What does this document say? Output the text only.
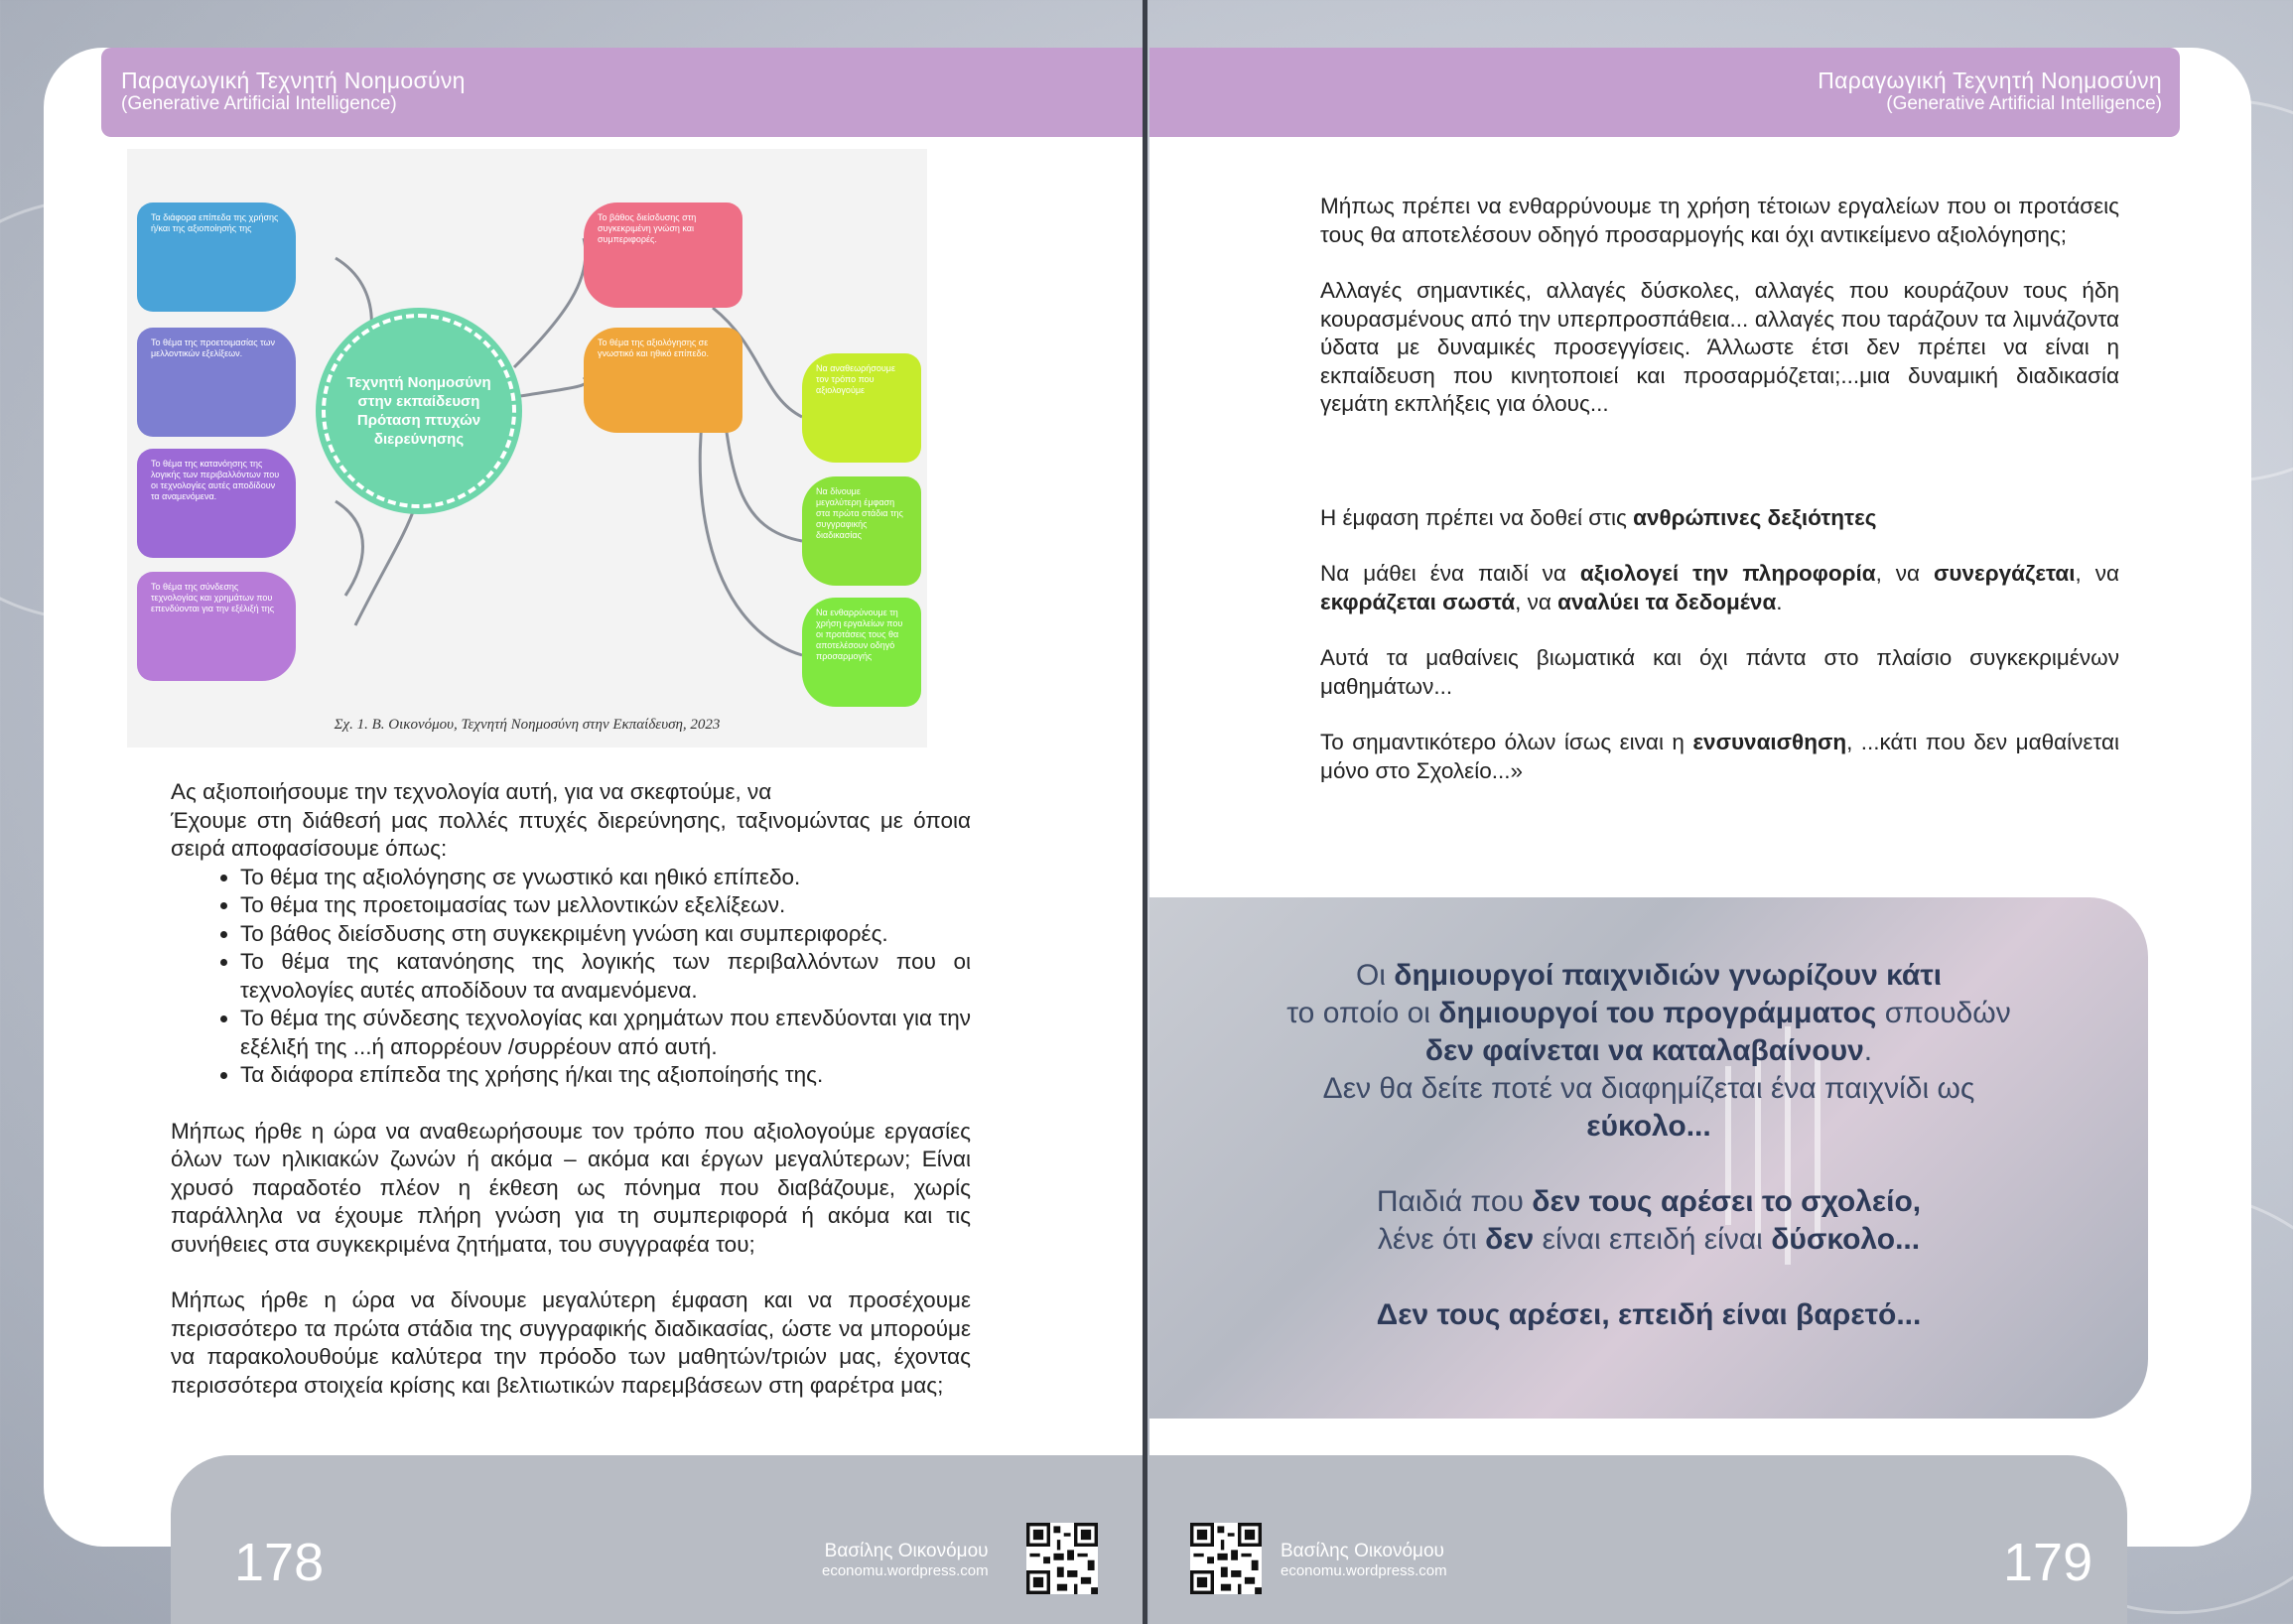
Παραγωγική Τεχνητή Νοημοσύνη
(Generative Artificial Intelligence)
Τα διάφορα επίπεδα της χρήσης ή/και της αξιοποίησής της
Το θέμα της προετοιμασίας των μελλοντικών εξελίξεων.
Το θέμα της κατανόησης της λογικής των περιβαλλόντων που οι τεχνολογίες αυτές αποδίδουν τα αναμενόμενα.
Το θέμα της σύνδεσης τεχνολογίας και χρημάτων που επενδύονται για την εξέλιξή της
Τεχνητή Νοημοσύνη στην εκπαίδευση Πρόταση πτυχών διερεύνησης
Το βάθος διείσδυσης στη συγκεκριμένη γνώση και συμπεριφορές.
Το θέμα της αξιολόγησης σε γνωστικό και ηθικό επίπεδο.
Να αναθεωρήσουμε τον τρόπο που αξιολογούμε
Να δίνουμε μεγαλύτερη έμφαση στα πρώτα στάδια της συγγραφικής διαδικασίας
Να ενθαρρύνουμε τη χρήση εργαλείων που οι προτάσεις τους θα αποτελέσουν οδηγό προσαρμογής
Σχ. 1. Β. Οικονόμου, Τεχνητή Νοημοσύνη στην Εκπαίδευση, 2023
Ας αξιοποιήσουμε την τεχνολογία αυτή, για να σκεφτούμε, να
Έχουμε στη διάθεσή μας πολλές πτυχές διερεύνησης, ταξινομώντας με όποια σειρά αποφασίσουμε όπως:
• Το θέμα της αξιολόγησης σε γνωστικό και ηθικό επίπεδο.
• Το θέμα της προετοιμασίας των μελλοντικών εξελίξεων.
• Το βάθος διείσδυσης στη συγκεκριμένη γνώση και συμπεριφορές.
• Το θέμα της κατανόησης της λογικής των περιβαλλόντων που οι τεχνολογίες αυτές αποδίδουν τα αναμενόμενα.
• Το θέμα της σύνδεσης τεχνολογίας και χρημάτων που επενδύονται για την εξέλιξή της ...ή απορρέουν /συρρέουν από αυτή.
• Τα διάφορα επίπεδα της χρήσης ή/και της αξιοποίησής της.

Μήπως ήρθε η ώρα να αναθεωρήσουμε τον τρόπο που αξιολογούμε εργασίες όλων των ηλικιακών ζωνών ή ακόμα – ακόμα και έργων μεγαλύτερων; Είναι χρυσό παραδοτέο πλέον η έκθεση ως πόνημα που διαβάζουμε, χωρίς παράλληλα να έχουμε πλήρη γνώση για τη συμπεριφορά ή ακόμα και τις συνήθειες στα συγκεκριμένα ζητήματα, του συγγραφέα του;

Μήπως ήρθε η ώρα να δίνουμε μεγαλύτερη έμφαση και να προσέχουμε περισσότερο τα πρώτα στάδια της συγγραφικής διαδικασίας, ώστε να μπορούμε να παρακολουθούμε καλύτερα την πρόοδο των μαθητών/τριών μας, έχοντας περισσότερα στοιχεία κρίσης και βελτιωτικών παρεμβάσεων στη φαρέτρα μας;

Παραγωγική Τεχνητή Νοημοσύνη
(Generative Artificial Intelligence)

Μήπως πρέπει να ενθαρρύνουμε τη χρήση τέτοιων εργαλείων που οι προτάσεις τους θα αποτελέσουν οδηγό προσαρμογής και όχι αντικείμενο αξιολόγησης;

Αλλαγές σημαντικές, αλλαγές δύσκολες, αλλαγές που κουράζουν τους ήδη κουρασμένους από την υπερπροσπάθεια... αλλαγές που ταράζουν τα λιμνάζοντα ύδατα με δυναμικές προσεγγίσεις. Άλλωστε έτσι δεν πρέπει να είναι η εκπαίδευση που κινητοποιεί και προσαρμόζεται;...μια δυναμική διαδικασία γεμάτη εκπλήξεις για όλους...

Η έμφαση πρέπει να δοθεί στις ανθρώπινες δεξιότητες

Να μάθει ένα παιδί να αξιολογεί την πληροφορία, να συνεργάζεται, να εκφράζεται σωστά, να αναλύει τα δεδομένα.

Αυτά τα μαθαίνεις βιωματικά και όχι πάντα στο πλαίσιο συγκεκριμένων μαθημάτων...

Το σημαντικότερο όλων ίσως ειναι η ενσυναισθηση, ...κάτι που δεν μαθαίνεται μόνο στο Σχολείο...»

Οι δημιουργοί παιχνιδιών γνωρίζουν κάτι
το οποίο οι δημιουργοί του προγράμματος σπουδών
δεν φαίνεται να καταλαβαίνουν.
Δεν θα δείτε ποτέ να διαφημίζεται ένα παιχνίδι ως
εύκολο...

Παιδιά που δεν τους αρέσει το σχολείο,
λένε ότι δεν είναι επειδή είναι δύσκολο...

Δεν τους αρέσει, επειδή είναι βαρετό...

178	Βασίλης Οικονόμου
economu.wordpress.com
Βασίλης Οικονόμου
economu.wordpress.com	179
